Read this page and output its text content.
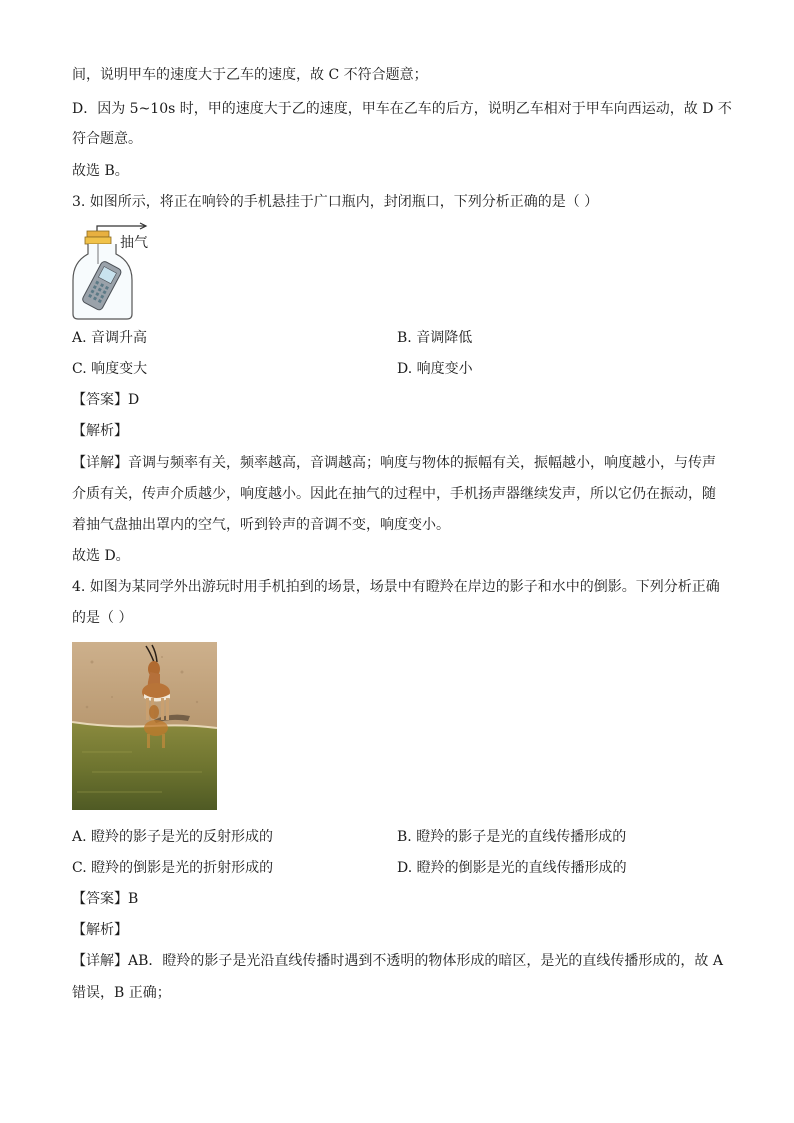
间，说明甲车的速度大于乙车的速度，故 C 不符合题意；
D．因为 5~10s 时，甲的速度大于乙的速度，甲车在乙车的后方，说明乙车相对于甲车向西运动，故 D 不
符合题意。
故选 B。
3. 如图所示，将正在响铃的手机悬挂于广口瓶内，封闭瓶口，下列分析正确的是（ ）
抽气
A. 音调升高	B. 音调降低
C. 响度变大	D. 响度变小
【答案】D
【解析】
【详解】音调与频率有关，频率越高，音调越高；响度与物体的振幅有关，振幅越小，响度越小，与传声
介质有关，传声介质越少，响度越小。因此在抽气的过程中，手机扬声器继续发声，所以它仍在振动，随
着抽气盘抽出罩内的空气，听到铃声的音调不变，响度变小。
故选 D。
4. 如图为某同学外出游玩时用手机拍到的场景，场景中有瞪羚在岸边的影子和水中的倒影。下列分析正确
的是（ ）
A. 瞪羚的影子是光的反射形成的	B. 瞪羚的影子是光的直线传播形成的
C. 瞪羚的倒影是光的折射形成的	D. 瞪羚的倒影是光的直线传播形成的
【答案】B
【解析】
【详解】AB．瞪羚的影子是光沿直线传播时遇到不透明的物体形成的暗区，是光的直线传播形成的，故 A
错误，B 正确；
